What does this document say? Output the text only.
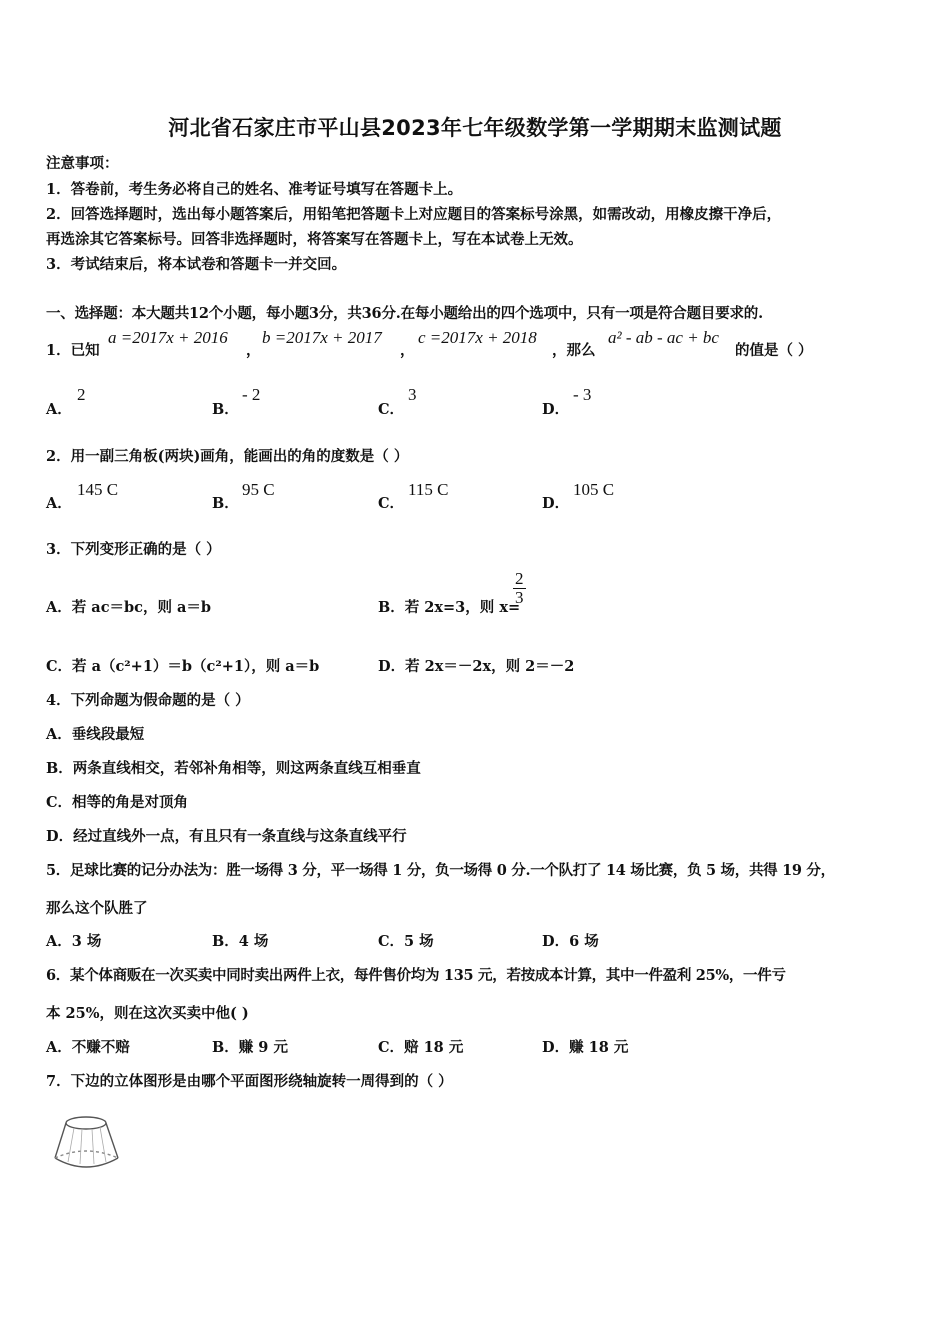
河北省石家庄市平山县2023年七年级数学第一学期期末监测试题
注意事项：
1．答卷前，考生务必将自己的姓名、准考证号填写在答题卡上。
2．回答选择题时，选出每小题答案后，用铅笔把答题卡上对应题目的答案标号涂黑，如需改动，用橡皮擦干净后，
再选涂其它答案标号。回答非选择题时，将答案写在答题卡上，写在本试卷上无效。
3．考试结束后，将本试卷和答题卡一并交回。
一、选择题：本大题共12个小题，每小题3分，共36分.在每小题给出的四个选项中，只有一项是符合题目要求的.
1．已知
a =2017x + 2016
，
b =2017x + 2017
，
c =2017x + 2018
，那么
a² - ab - ac + bc
的值是（ ）
A．
2
B．
- 2
C．
3
D．
- 3
2．用一副三角板(两块)画角，能画出的角的度数是（ ）
A．
145 C
B．
95 C
C．
115 C
D．
105 C
3．下列变形正确的是（ ）
A．若 ac＝bc，则 a＝b	B．若 2x=3，则 x=
$\frac{2}{3}$
C．若 a（c²+1）＝b（c²+1），则 a＝b	D．若 2x＝－2x，则 2＝－2
4．下列命题为假命题的是（ ）
A．垂线段最短
B．两条直线相交，若邻补角相等，则这两条直线互相垂直
C．相等的角是对顶角
D．经过直线外一点，有且只有一条直线与这条直线平行
5．足球比赛的记分办法为：胜一场得 3 分，平一场得 1 分，负一场得 0 分.一个队打了 14 场比赛，负 5 场，共得 19 分，
那么这个队胜了
A．3 场	B．4 场	C．5 场	D．6 场
6．某个体商贩在一次买卖中同时卖出两件上衣，每件售价均为 135 元，若按成本计算，其中一件盈利 25%，一件亏
本 25%，则在这次买卖中他( )
A．不赚不赔	B．赚 9 元	C．赔 18 元	D．赚 18 元
7．下边的立体图形是由哪个平面图形绕轴旋转一周得到的（ ）
